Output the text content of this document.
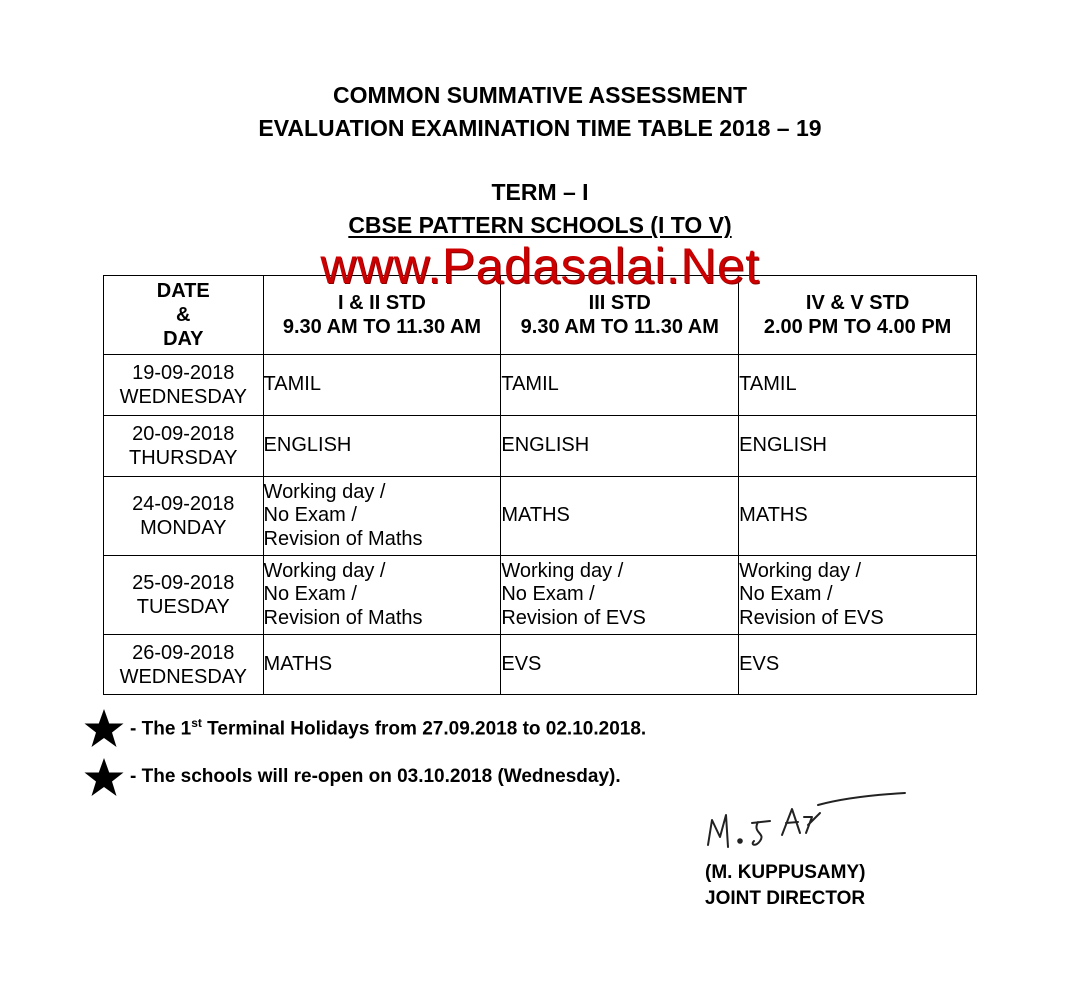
COMMON SUMMATIVE ASSESSMENT
EVALUATION EXAMINATION TIME TABLE 2018 – 19
TERM – I
CBSE PATTERN SCHOOLS (I TO V)
DATE
&
DAY	I & II STD
9.30 AM TO 11.30 AM	III STD
9.30 AM TO 11.30 AM	IV & V STD
2.00 PM TO 4.00 PM

19-09-2018
WEDNESDAY	TAMIL	TAMIL	TAMIL

20-09-2018
THURSDAY	ENGLISH	ENGLISH	ENGLISH

24-09-2018
MONDAY	Working day /
No Exam /
Revision of Maths	MATHS	MATHS

25-09-2018
TUESDAY	Working day /
No Exam /
Revision of Maths	Working day /
No Exam /
Revision of EVS	Working day /
No Exam /
Revision of EVS

26-09-2018
WEDNESDAY	MATHS	EVS	EVS
www.Padasalai.Net
- The 1st Terminal Holidays from 27.09.2018 to 02.10.2018.
- The schools will re-open on 03.10.2018 (Wednesday).
(M. KUPPUSAMY)
JOINT DIRECTOR
